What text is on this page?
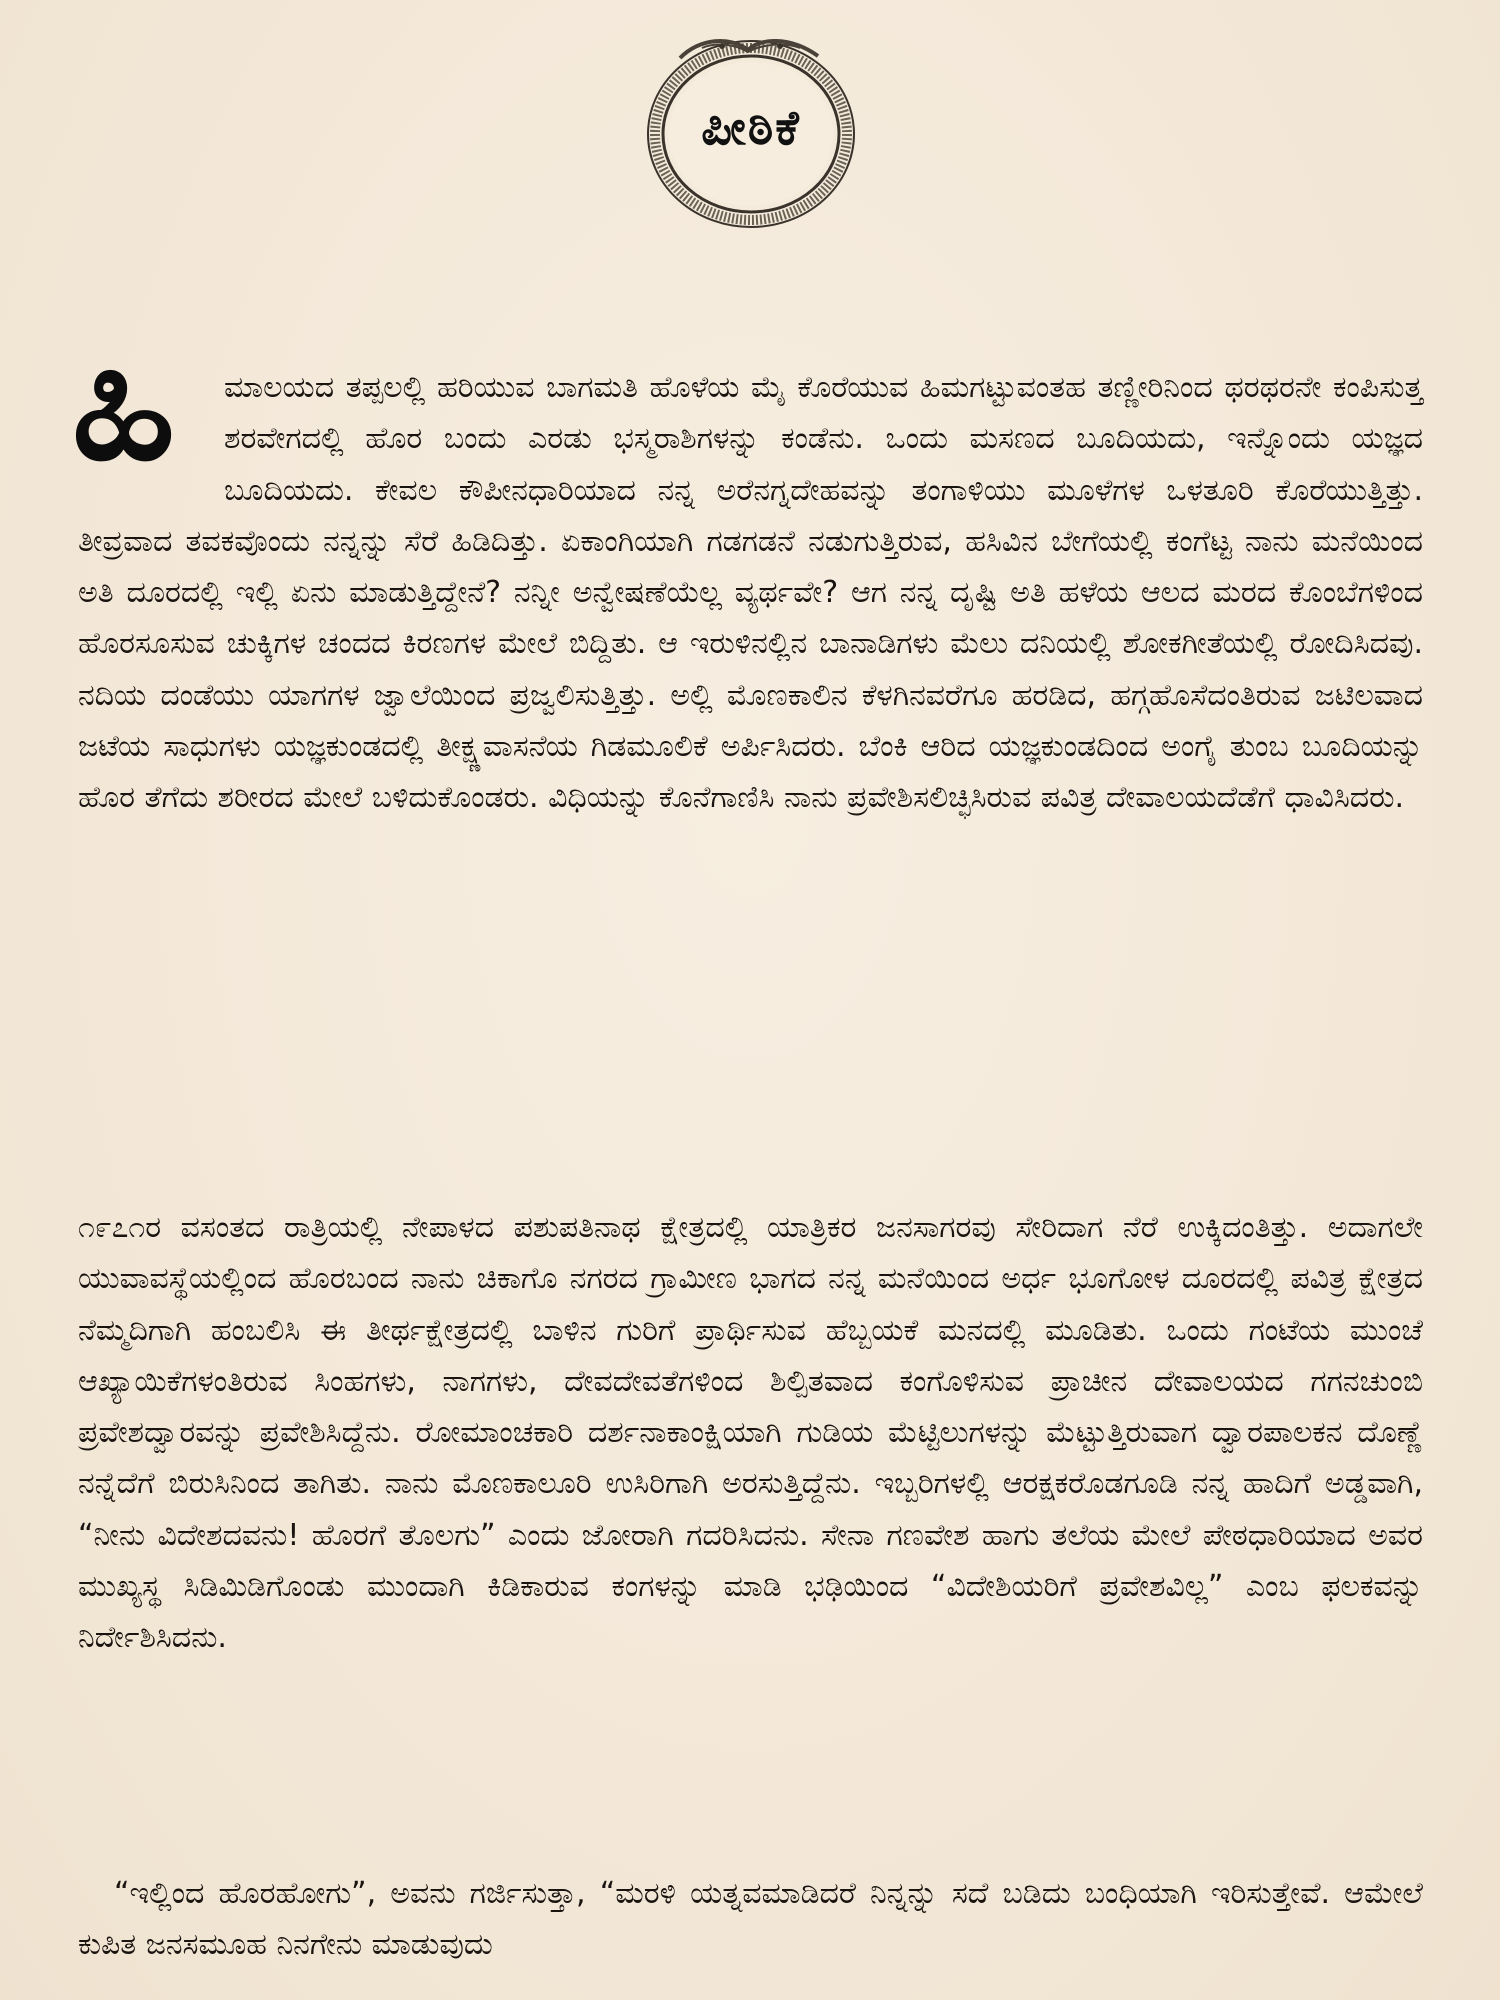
ಪೀಠಿಕೆ
ಹಿ	ಮಾಲಯದ ತಪ್ಪಲಲ್ಲಿ ಹರಿಯುವ ಬಾಗಮತಿ ಹೊಳೆಯ ಮೈ ಕೊರೆಯುವ ಹಿಮಗಟ್ಟುವಂತಹ ತಣ್ಣೀರಿನಿಂದ ಥರಥರನೇ ಕಂಪಿಸುತ್ತ ಶರವೇಗದಲ್ಲಿ ಹೊರ ಬಂದು ಎರಡು ಭಸ್ಮರಾಶಿಗಳನ್ನು ಕಂಡೆನು. ಒಂದು ಮಸಣದ ಬೂದಿಯದು, ಇನ್ನೊಂದು ಯಜ್ಞದ ಬೂದಿಯದು. ಕೇವಲ ಕೌಪೀನಧಾರಿಯಾದ ನನ್ನ ಅರೆನಗ್ನದೇಹವನ್ನು ತಂಗಾಳಿಯು ಮೂಳೆಗಳ ಒಳತೂರಿ ಕೊರೆಯುತ್ತಿತ್ತು. ತೀವ್ರವಾದ ತವಕವೊಂದು ನನ್ನನ್ನು ಸೆರೆ ಹಿಡಿದಿತ್ತು. ಏಕಾಂಗಿಯಾಗಿ ಗಡಗಡನೆ ನಡುಗುತ್ತಿರುವ, ಹಸಿವಿನ ಬೇಗೆಯಲ್ಲಿ ಕಂಗೆಟ್ಟ ನಾನು ಮನೆಯಿಂದ ಅತಿ ದೂರದಲ್ಲಿ ಇಲ್ಲಿ ಏನು ಮಾಡುತ್ತಿದ್ದೇನೆ? ನನ್ನೀ ಅನ್ವೇಷಣೆಯೆಲ್ಲ ವ್ಯರ್ಥವೇ? ಆಗ ನನ್ನ ದೃಷ್ಟಿ ಅತಿ ಹಳೆಯ ಆಲದ ಮರದ ಕೊಂಬೆಗಳಿಂದ ಹೊರಸೂಸುವ ಚುಕ್ಕಿಗಳ ಚಂದದ ಕಿರಣಗಳ ಮೇಲೆ ಬಿದ್ದಿತು. ಆ ಇರುಳಿನಲ್ಲಿನ ಬಾನಾಡಿಗಳು ಮೆಲು ದನಿಯಲ್ಲಿ ಶೋಕಗೀತೆಯಲ್ಲಿ ರೋದಿಸಿದವು. ನದಿಯ ದಂಡೆಯು ಯಾಗಗಳ ಜ್ವಾಲೆಯಿಂದ ಪ್ರಜ್ವಲಿಸುತ್ತಿತ್ತು. ಅಲ್ಲಿ ಮೊಣಕಾಲಿನ ಕೆಳಗಿನವರೆಗೂ ಹರಡಿದ, ಹಗ್ಗಹೊಸೆದಂತಿರುವ ಜಟಿಲವಾದ ಜಟೆಯ ಸಾಧುಗಳು ಯಜ್ಞಕುಂಡದಲ್ಲಿ ತೀಕ್ಷ್ಣವಾಸನೆಯ ಗಿಡಮೂಲಿಕೆ ಅರ್ಪಿಸಿದರು. ಬೆಂಕಿ ಆರಿದ ಯಜ್ಞಕುಂಡದಿಂದ ಅಂಗೈ ತುಂಬ ಬೂದಿಯನ್ನು ಹೊರ ತೆಗೆದು ಶರೀರದ ಮೇಲೆ ಬಳಿದುಕೊಂಡರು. ವಿಧಿಯನ್ನು ಕೊನೆಗಾಣಿಸಿ ನಾನು ಪ್ರವೇಶಿಸಲಿಚ್ಛಿಸಿರುವ ಪವಿತ್ರ ದೇವಾಲಯದೆಡೆಗೆ ಧಾವಿಸಿದರು.

೧೯೭೧ರ ವಸಂತದ ರಾತ್ರಿಯಲ್ಲಿ ನೇಪಾಳದ ಪಶುಪತಿನಾಥ ಕ್ಷೇತ್ರದಲ್ಲಿ ಯಾತ್ರಿಕರ ಜನಸಾಗರವು ಸೇರಿದಾಗ ನೆರೆ ಉಕ್ಕಿದಂತಿತ್ತು. ಅದಾಗಲೇ ಯುವಾವಸ್ಥೆಯಲ್ಲಿಂದ ಹೊರಬಂದ ನಾನು ಚಿಕಾಗೊ ನಗರದ ಗ್ರಾಮೀಣ ಭಾಗದ ನನ್ನ ಮನೆಯಿಂದ ಅರ್ಧ ಭೂಗೋಳ ದೂರದಲ್ಲಿ ಪವಿತ್ರ ಕ್ಷೇತ್ರದ ನೆಮ್ಮದಿಗಾಗಿ ಹಂಬಲಿಸಿ ಈ ತೀರ್ಥಕ್ಷೇತ್ರದಲ್ಲಿ ಬಾಳಿನ ಗುರಿಗೆ ಪ್ರಾರ್ಥಿಸುವ ಹೆಬ್ಬಯಕೆ ಮನದಲ್ಲಿ ಮೂಡಿತು. ಒಂದು ಗಂಟೆಯ ಮುಂಚೆ ಆಖ್ಯಾಯಿಕೆಗಳಂತಿರುವ ಸಿಂಹಗಳು, ನಾಗಗಳು, ದೇವದೇವತೆಗಳಿಂದ ಶಿಲ್ಪಿತವಾದ ಕಂಗೊಳಿಸುವ ಪ್ರಾಚೀನ ದೇವಾಲಯದ ಗಗನಚುಂಬಿ ಪ್ರವೇಶದ್ವಾರವನ್ನು ಪ್ರವೇಶಿಸಿದ್ದೆನು. ರೋಮಾಂಚಕಾರಿ ದರ್ಶನಾಕಾಂಕ್ಷಿಯಾಗಿ ಗುಡಿಯ ಮೆಟ್ಟಿಲುಗಳನ್ನು ಮೆಟ್ಟುತ್ತಿರುವಾಗ ದ್ವಾರಪಾಲಕನ ದೊಣ್ಣೆ ನನ್ನೆದೆಗೆ ಬಿರುಸಿನಿಂದ ತಾಗಿತು. ನಾನು ಮೊಣಕಾಲೂರಿ ಉಸಿರಿಗಾಗಿ ಅರಸುತ್ತಿದ್ದೆನು. ಇಬ್ಬರಿಗಳಲ್ಲಿ ಆರಕ್ಷಕರೊಡಗೂಡಿ ನನ್ನ ಹಾದಿಗೆ ಅಡ್ಡವಾಗಿ, “ನೀನು ವಿದೇಶದವನು! ಹೊರಗೆ ತೊಲಗು” ಎಂದು ಜೋರಾಗಿ ಗದರಿಸಿದನು. ಸೇನಾ ಗಣವೇಶ ಹಾಗು ತಲೆಯ ಮೇಲೆ ಪೇಠಧಾರಿಯಾದ ಅವರ ಮುಖ್ಯಸ್ಥ ಸಿಡಿಮಿಡಿಗೊಂಡು ಮುಂದಾಗಿ ಕಿಡಿಕಾರುವ ಕಂಗಳನ್ನು ಮಾಡಿ ಭಢಿಯಿಂದ “ವಿದೇಶಿಯರಿಗೆ ಪ್ರವೇಶವಿಲ್ಲ” ಎಂಬ ಫಲಕವನ್ನು ನಿರ್ದೇಶಿಸಿದನು.

“ಇಲ್ಲಿಂದ ಹೊರಹೋಗು”, ಅವನು ಗರ್ಜಿಸುತ್ತಾ, “ಮರಳಿ ಯತ್ನವಮಾಡಿದರೆ ನಿನ್ನನ್ನು ಸದೆ ಬಡಿದು ಬಂಧಿಯಾಗಿ ಇರಿಸುತ್ತೇವೆ. ಆಮೇಲೆ ಕುಪಿತ ಜನಸಮೂಹ ನಿನಗೇನು ಮಾಡುವುದು
